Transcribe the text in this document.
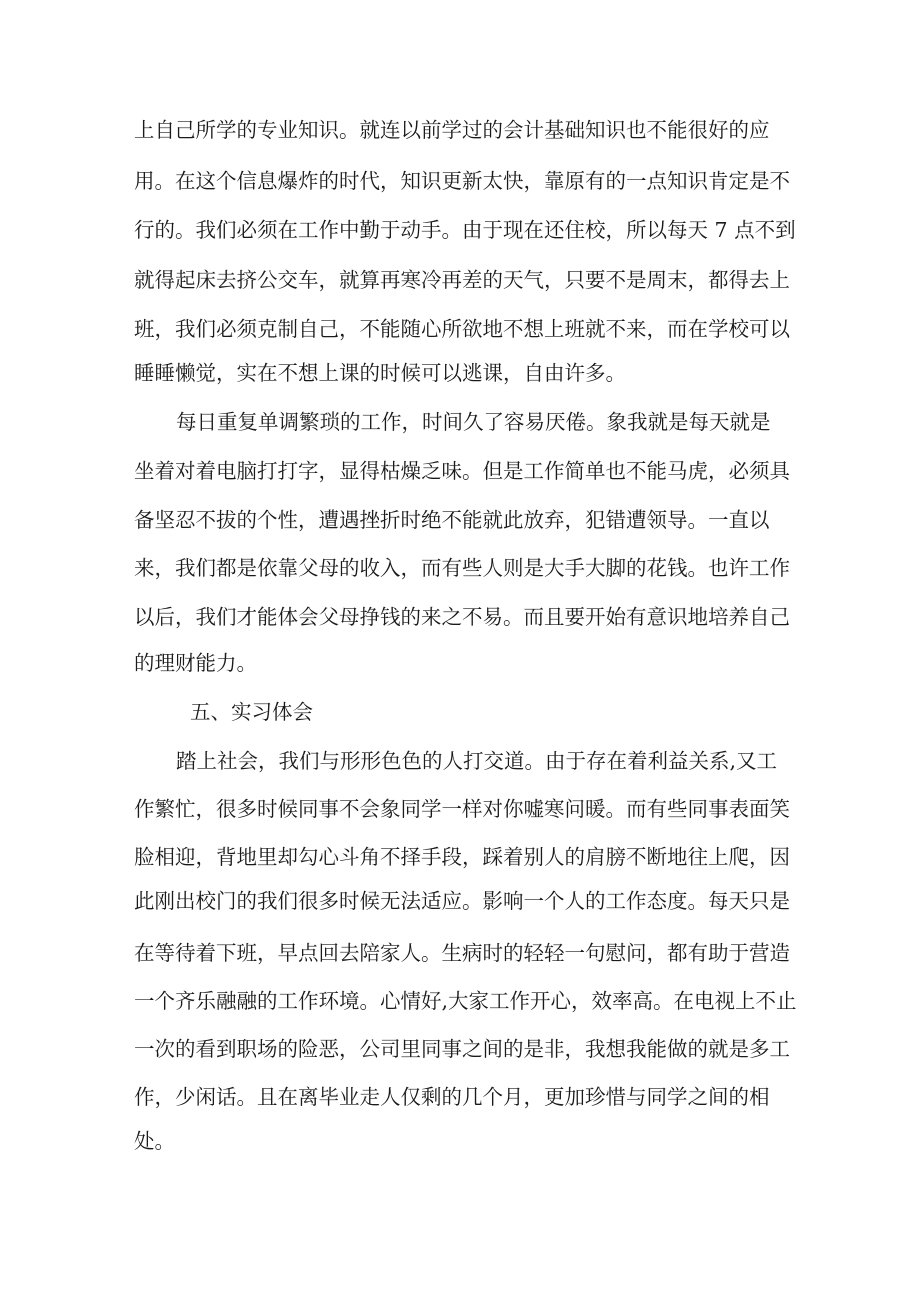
上自己所学的专业知识。就连以前学过的会计基础知识也不能很好的应
用。在这个信息爆炸的时代，知识更新太快，靠原有的一点知识肯定是不
行的。我们必须在工作中勤于动手。由于现在还住校，所以每天 7 点不到
就得起床去挤公交车，就算再寒冷再差的天气，只要不是周末，都得去上
班，我们必须克制自己，不能随心所欲地不想上班就不来，而在学校可以
睡睡懒觉，实在不想上课的时候可以逃课，自由许多。
每日重复单调繁琐的工作，时间久了容易厌倦。象我就是每天就是
坐着对着电脑打打字，显得枯燥乏味。但是工作简单也不能马虎，必须具
备坚忍不拔的个性，遭遇挫折时绝不能就此放弃，犯错遭领导。一直以
来，我们都是依靠父母的收入，而有些人则是大手大脚的花钱。也许工作
以后，我们才能体会父母挣钱的来之不易。而且要开始有意识地培养自己
的理财能力。
五、实习体会
踏上社会，我们与形形色色的人打交道。由于存在着利益关系,又工
作繁忙，很多时候同事不会象同学一样对你嘘寒问暖。而有些同事表面笑
脸相迎，背地里却勾心斗角不择手段，踩着别人的肩膀不断地往上爬，因
此刚出校门的我们很多时候无法适应。影响一个人的工作态度。每天只是
在等待着下班，早点回去陪家人。生病时的轻轻一句慰问，都有助于营造
一个齐乐融融的工作环境。心情好,大家工作开心，效率高。在电视上不止
一次的看到职场的险恶，公司里同事之间的是非，我想我能做的就是多工
作，少闲话。且在离毕业走人仅剩的几个月，更加珍惜与同学之间的相
处。
